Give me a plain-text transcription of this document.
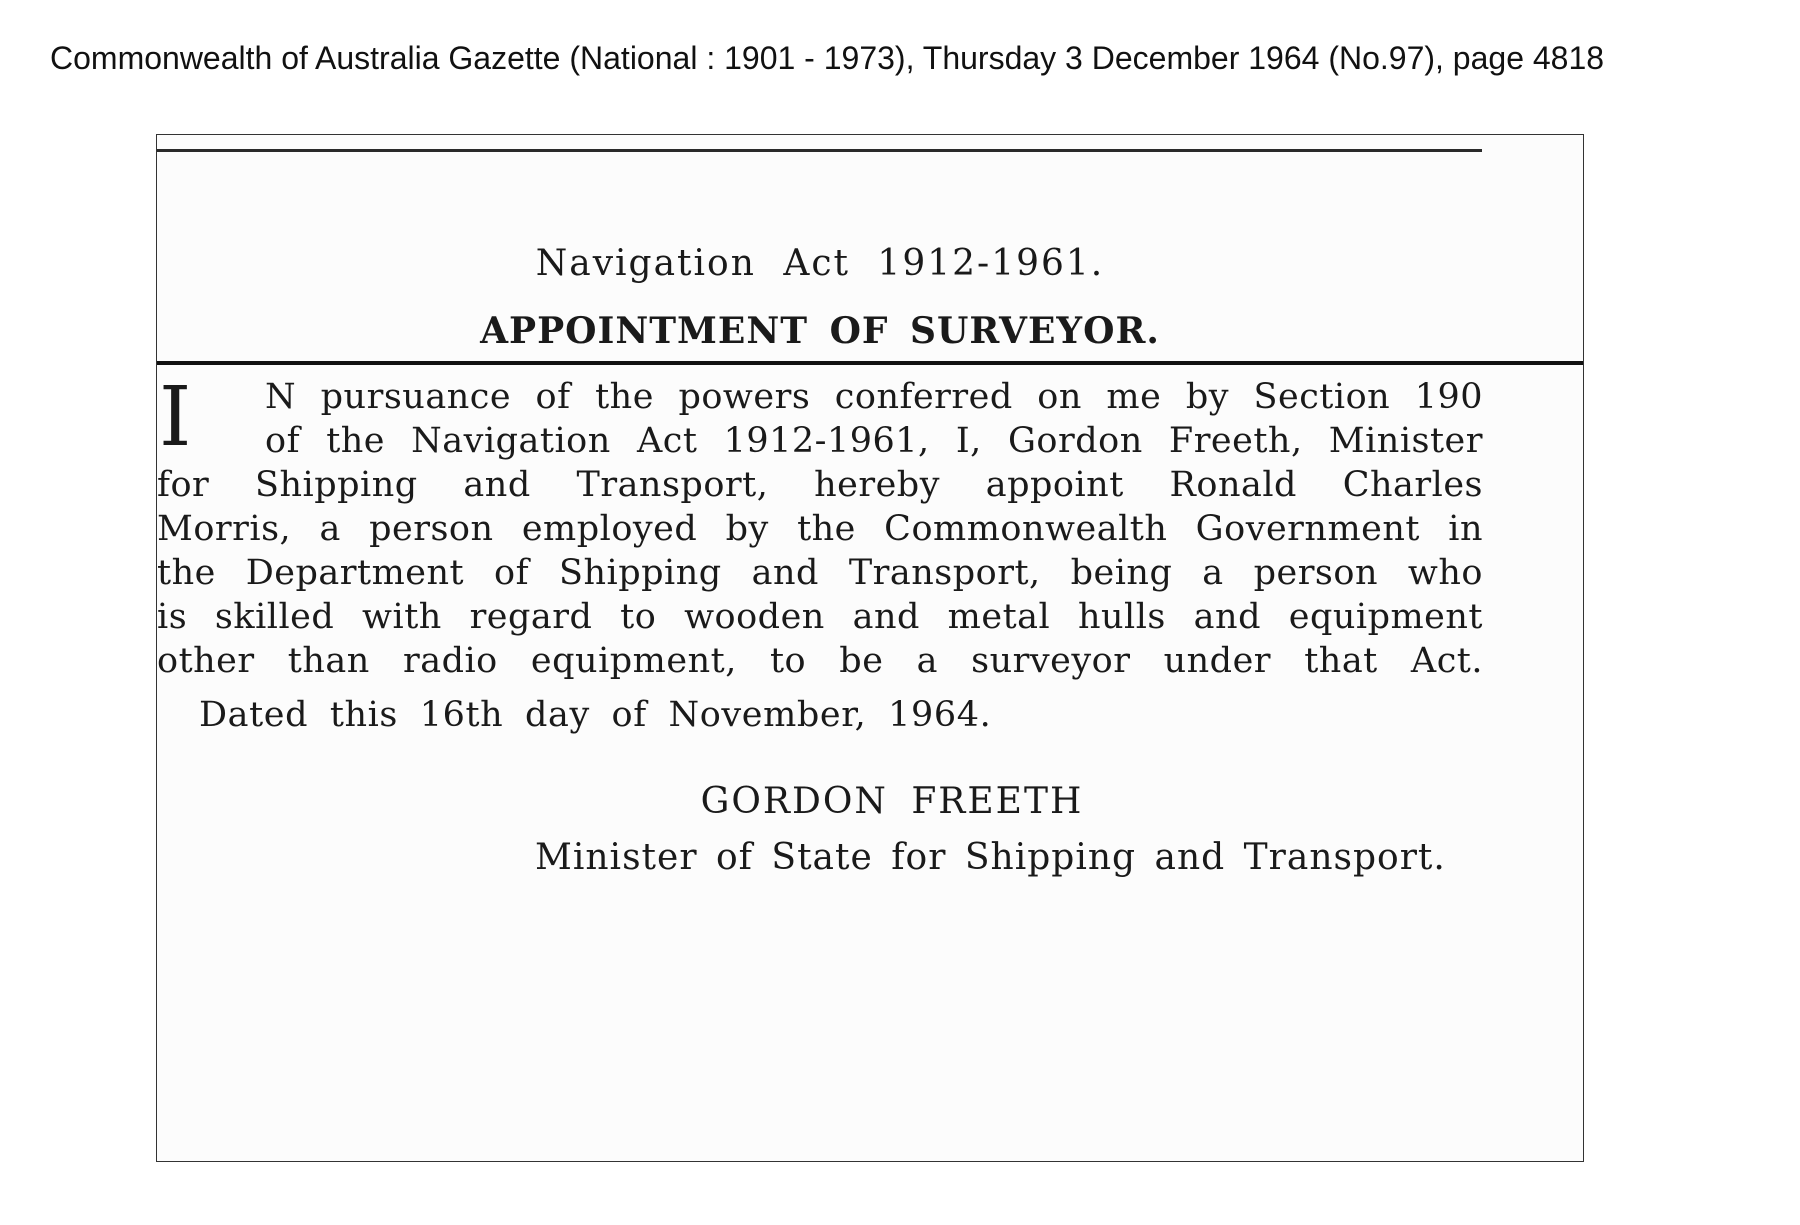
Commonwealth of Australia Gazette (National : 1901 - 1973), Thursday 3 December 1964 (No.97), page 4818
Navigation Act 1912-1961.
APPOINTMENT OF SURVEYOR.
I	N pursuance of the powers conferred on me by Section 190
of the Navigation Act 1912-1961, I, Gordon Freeth, Minister
for Shipping and Transport, hereby appoint Ronald Charles
Morris, a person employed by the Commonwealth Government in
the Department of Shipping and Transport, being a person who
is skilled with regard to wooden and metal hulls and equipment
other than radio equipment, to be a surveyor under that Act.
Dated this 16th day of November, 1964.
GORDON FREETH
Minister of State for Shipping and Transport.
